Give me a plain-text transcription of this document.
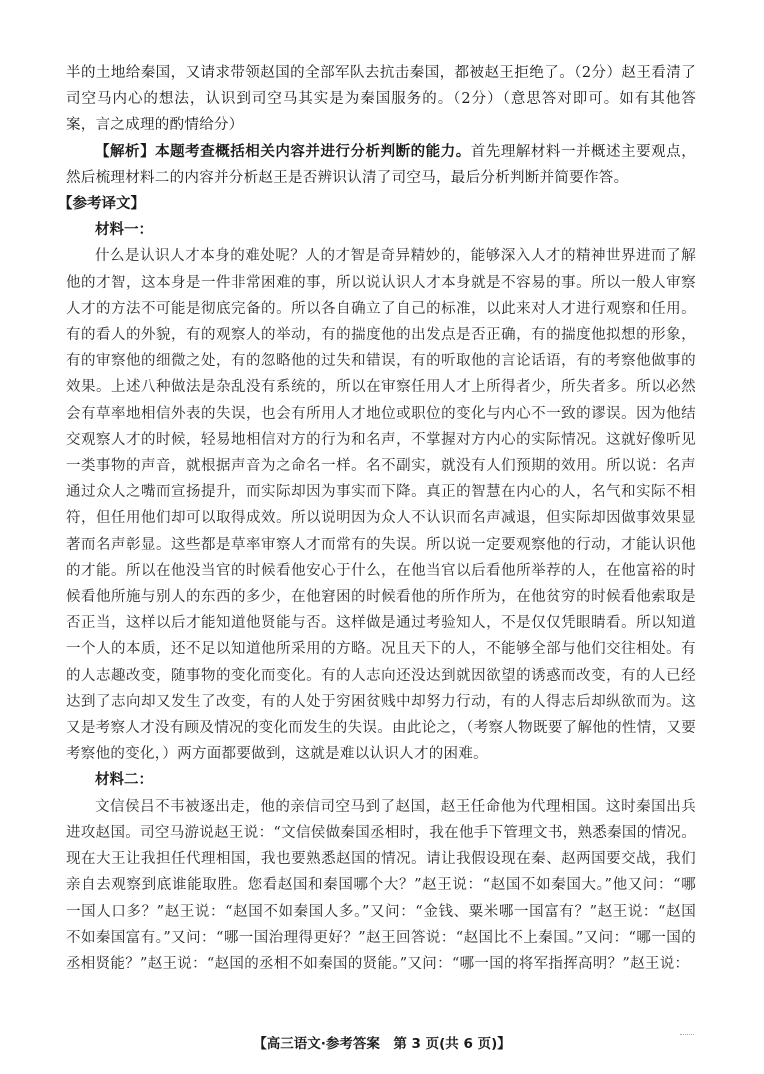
半的土地给秦国，又请求带领赵国的全部军队去抗击秦国，都被赵王拒绝了。（2分）赵王看清了司空马内心的想法，认识到司空马其实是为秦国服务的。（2分）（意思答对即可。如有其他答案，言之成理的酌情给分）

【解析】本题考查概括相关内容并进行分析判断的能力。首先理解材料一并概述主要观点，然后梳理材料二的内容并分析赵王是否辨识认清了司空马，最后分析判断并简要作答。

【参考译文】

材料一：

什么是认识人才本身的难处呢？人的才智是奇异精妙的，能够深入人才的精神世界进而了解他的才智，这本身是一件非常困难的事，所以说认识人才本身就是不容易的事。所以一般人审察人才的方法不可能是彻底完备的。所以各自确立了自己的标准，以此来对人才进行观察和任用。有的看人的外貌，有的观察人的举动，有的揣度他的出发点是否正确，有的揣度他拟想的形象，有的审察他的细微之处，有的忽略他的过失和错误，有的听取他的言论话语，有的考察他做事的效果。上述八种做法是杂乱没有系统的，所以在审察任用人才上所得者少，所失者多。所以必然会有草率地相信外表的失误，也会有所用人才地位或职位的变化与内心不一致的谬误。因为他结交观察人才的时候，轻易地相信对方的行为和名声，不掌握对方内心的实际情况。这就好像听见一类事物的声音，就根据声音为之命名一样。名不副实，就没有人们预期的效用。所以说：名声通过众人之嘴而宣扬提升，而实际却因为事实而下降。真正的智慧在内心的人，名气和实际不相符，但任用他们却可以取得成效。所以说明因为众人不认识而名声减退，但实际却因做事效果显著而名声彰显。这些都是草率审察人才而常有的失误。所以说一定要观察他的行动，才能认识他的才能。所以在他没当官的时候看他安心于什么，在他当官以后看他所举荐的人，在他富裕的时候看他所施与别人的东西的多少，在他窘困的时候看他的所作所为，在他贫穷的时候看他索取是否正当，这样以后才能知道他贤能与否。这样做是通过考验知人，不是仅仅凭眼睛看。所以知道一个人的本质，还不足以知道他所采用的方略。况且天下的人，不能够全部与他们交往相处。有的人志趣改变，随事物的变化而变化。有的人志向还没达到就因欲望的诱惑而改变，有的人已经达到了志向却又发生了改变，有的人处于穷困贫贱中却努力行动，有的人得志后却纵欲而为。这又是考察人才没有顾及情况的变化而发生的失误。由此论之，（考察人物既要了解他的性情，又要考察他的变化，）两方面都要做到，这就是难以认识人才的困难。

材料二：

文信侯吕不韦被逐出走，他的亲信司空马到了赵国，赵王任命他为代理相国。这时秦国出兵进攻赵国。司空马游说赵王说：“文信侯做秦国丞相时，我在他手下管理文书，熟悉秦国的情况。现在大王让我担任代理相国，我也要熟悉赵国的情况。请让我假设现在秦、赵两国要交战，我们亲自去观察到底谁能取胜。您看赵国和秦国哪个大？”赵王说：“赵国不如秦国大。”他又问：“哪一国人口多？”赵王说：“赵国不如秦国人多。”又问：“金钱、粟米哪一国富有？”赵王说：“赵国不如秦国富有。”又问：“哪一国治理得更好？”赵王回答说：“赵国比不上秦国。”又问：“哪一国的丞相贤能？”赵王说：“赵国的丞相不如秦国的贤能。”又问：“哪一国的将军指挥高明？”赵王说：

【高三语文·参考答案　第 3 页(共 6 页)】
